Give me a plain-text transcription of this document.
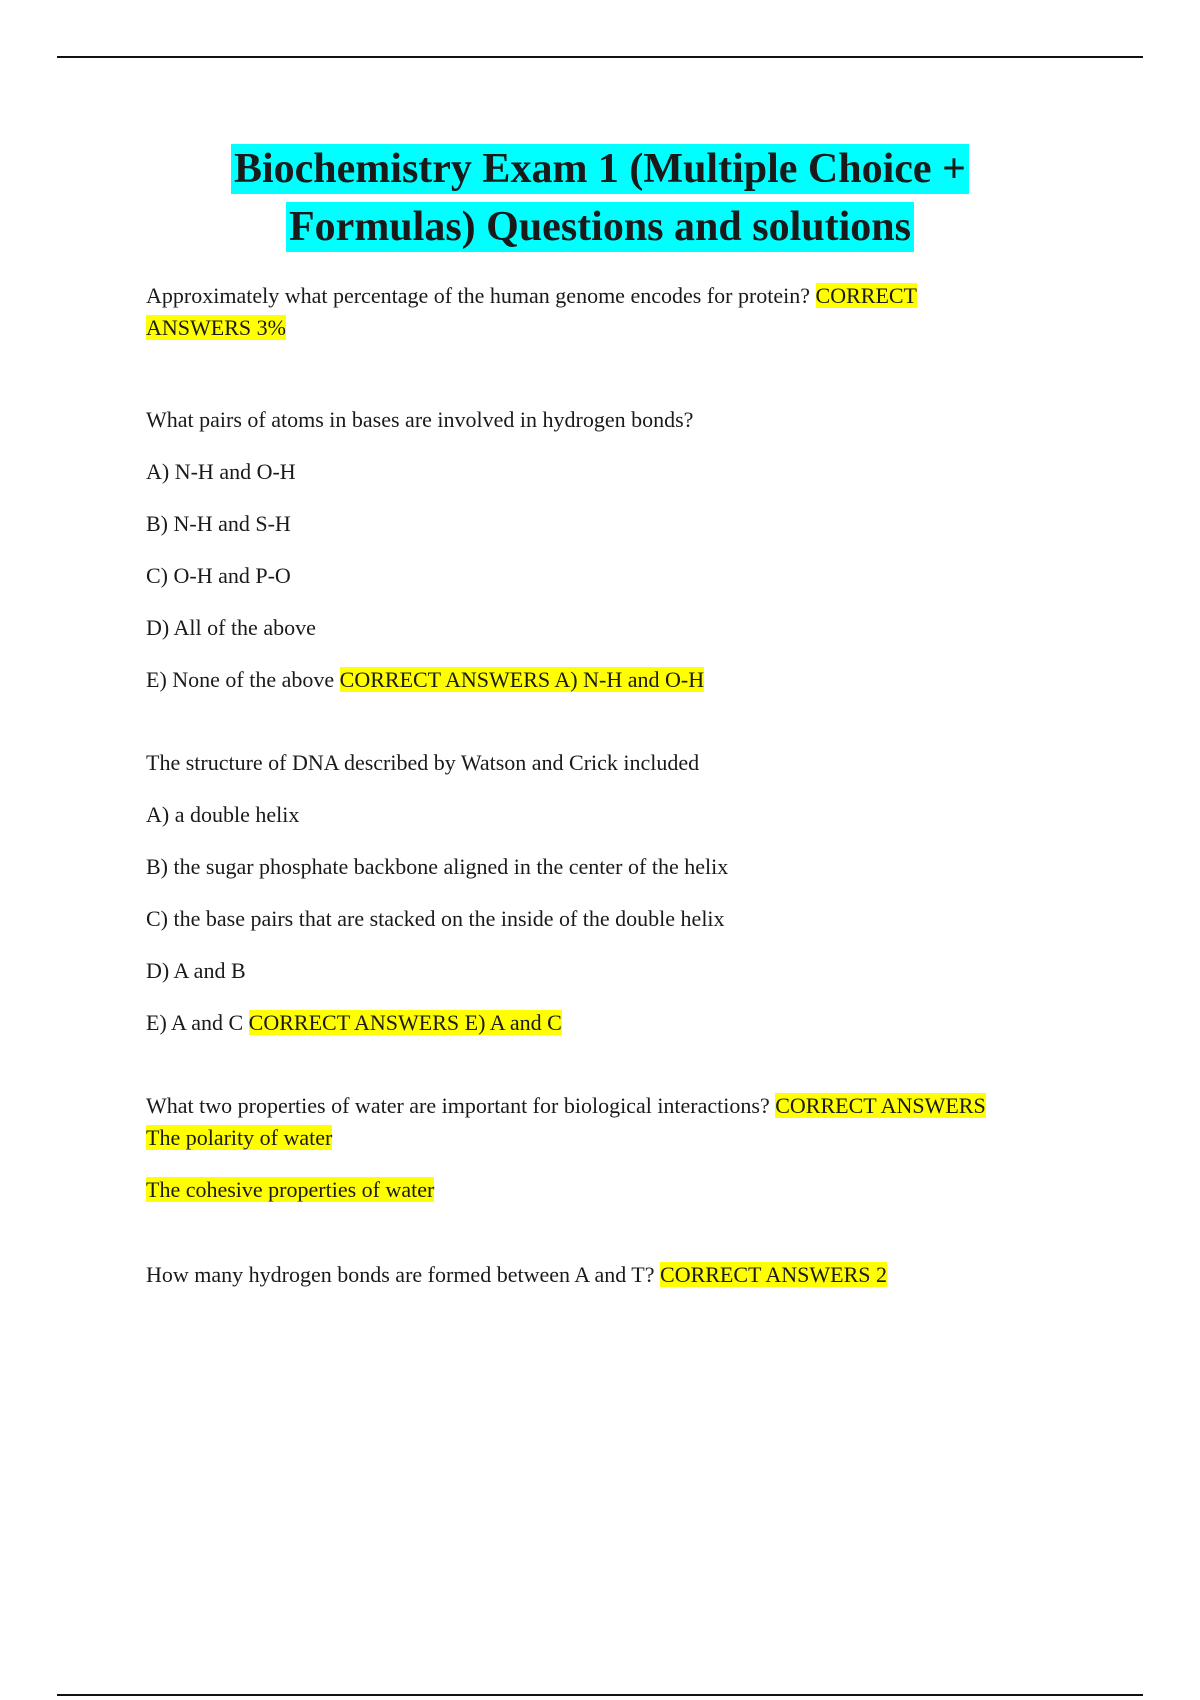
Biochemistry Exam 1 (Multiple Choice +
Formulas) Questions and solutions

Approximately what percentage of the human genome encodes for protein? CORRECT
ANSWERS 3%

What pairs of atoms in bases are involved in hydrogen bonds?

A) N-H and O-H

B) N-H and S-H

C) O-H and P-O

D) All of the above

E) None of the above CORRECT ANSWERS A) N-H and O-H

The structure of DNA described by Watson and Crick included

A) a double helix

B) the sugar phosphate backbone aligned in the center of the helix

C) the base pairs that are stacked on the inside of the double helix

D) A and B

E) A and C CORRECT ANSWERS E) A and C

What two properties of water are important for biological interactions? CORRECT ANSWERS
The polarity of water

The cohesive properties of water

How many hydrogen bonds are formed between A and T? CORRECT ANSWERS 2
